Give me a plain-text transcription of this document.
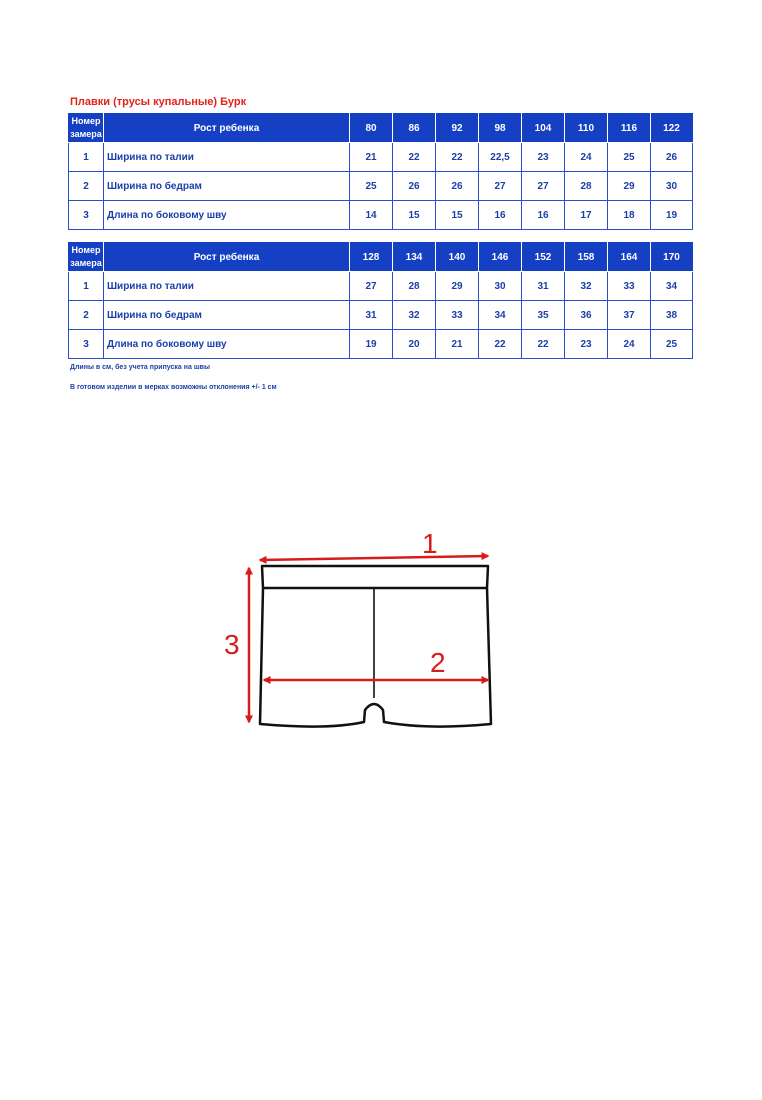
Плавки (трусы купальные) Бурк

Номер
замера	Рост ребенка	80	86	92	98	104	110	116	122
1	Ширина по талии	21	22	22	22,5	23	24	25	26
2	Ширина по бедрам	25	26	26	27	27	28	29	30
3	Длина по боковому шву	14	15	15	16	16	17	18	19
Номер
замера	Рост ребенка	128	134	140	146	152	158	164	170
1	Ширина по талии	27	28	29	30	31	32	33	34
2	Ширина по бедрам	31	32	33	34	35	36	37	38
3	Длина по боковому шву	19	20	21	22	22	23	24	25

Длины в см, без учета припуска на швы

В готовом изделии в мерках возможны отклонения +/- 1 см

1
2
3
